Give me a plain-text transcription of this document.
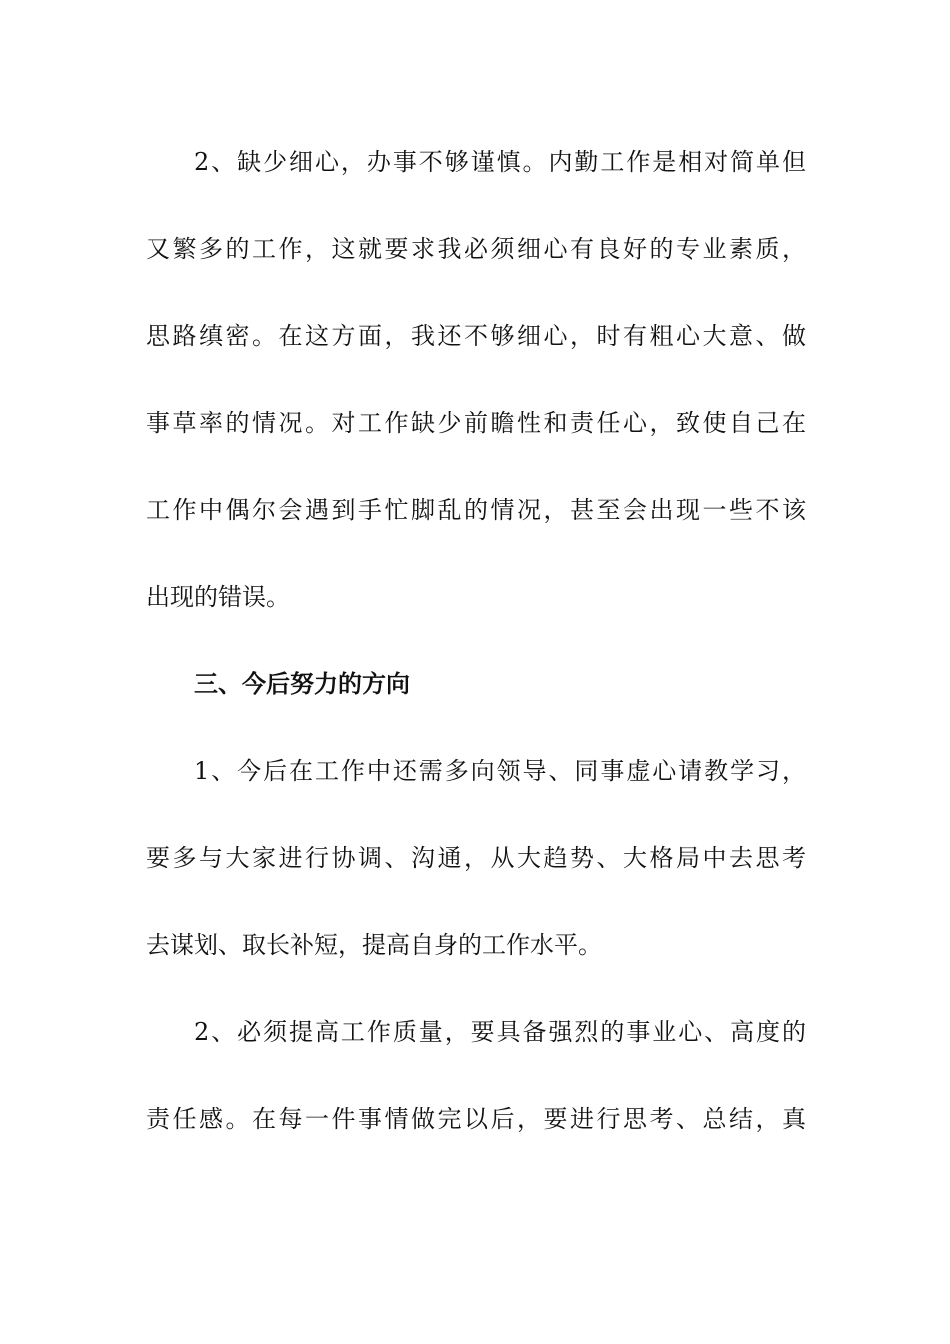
2、缺少细心，办事不够谨慎。内勤工作是相对简单但
又繁多的工作，这就要求我必须细心有良好的专业素质，
思路缜密。在这方面，我还不够细心，时有粗心大意、做
事草率的情况。对工作缺少前瞻性和责任心，致使自己在
工作中偶尔会遇到手忙脚乱的情况，甚至会出现一些不该
出现的错误。
三、今后努力的方向
1、今后在工作中还需多向领导、同事虚心请教学习，
要多与大家进行协调、沟通，从大趋势、大格局中去思考
去谋划、取长补短，提高自身的工作水平。
2、必须提高工作质量，要具备强烈的事业心、高度的
责任感。在每一件事情做完以后，要进行思考、总结，真
